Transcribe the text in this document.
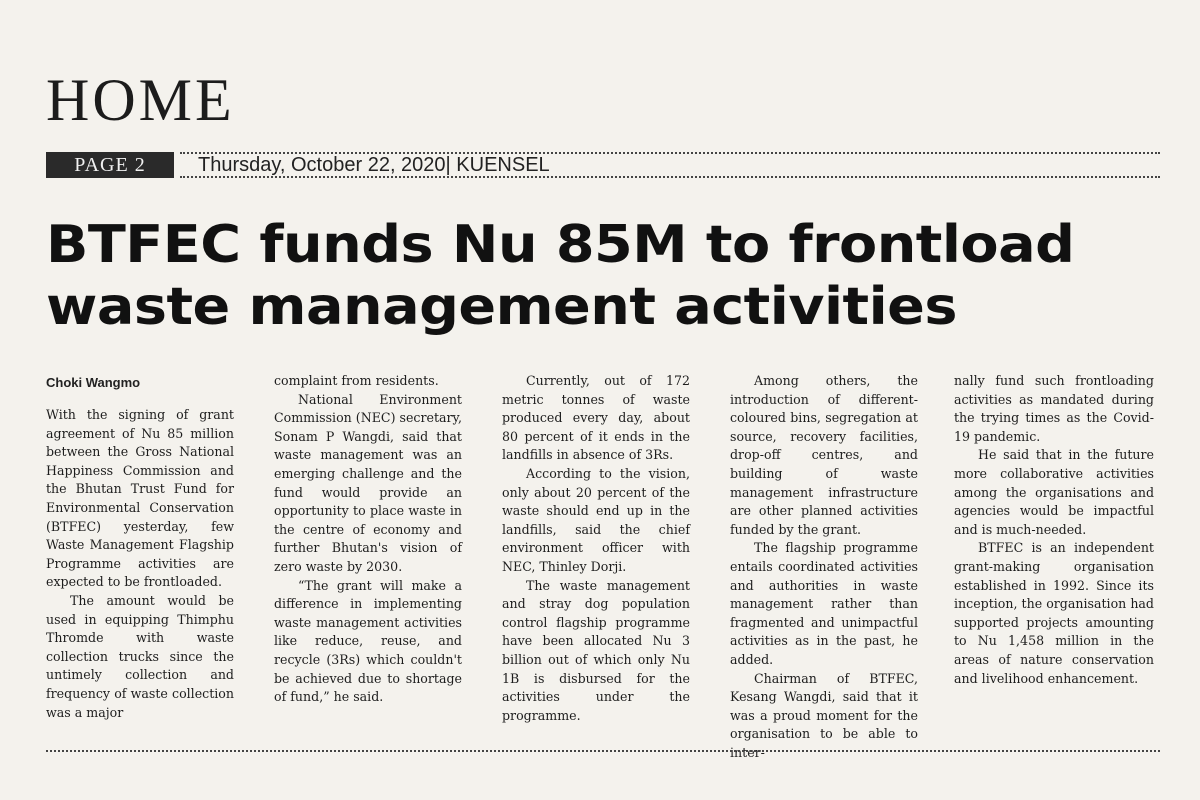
HOME
PAGE 2	Thursday, October 22, 2020| KUENSEL
BTFEC funds Nu 85M to frontload
waste management activities
Choki Wangmo

With the signing of grant agreement of Nu 85 million between the Gross National Happiness Commission and the Bhutan Trust Fund for Environmental Conservation (BTFEC) yesterday, few Waste Management Flagship Programme activities are expected to be frontloaded.

The amount would be used in equipping Thimphu Thromde with waste collection trucks since the untimely collection and frequency of waste collection was a major

complaint from residents.

National Environment Commission (NEC) secretary, Sonam P Wangdi, said that waste management was an emerging challenge and the fund would provide an opportunity to place waste in the centre of economy and further Bhutan's vision of zero waste by 2030.

“The grant will make a difference in implementing waste management activities like reduce, reuse, and recycle (3Rs) which couldn't be achieved due to shortage of fund,” he said.

Currently, out of 172 metric tonnes of waste produced every day, about 80 percent of it ends in the landfills in absence of 3Rs.

According to the vision, only about 20 percent of the waste should end up in the landfills, said the chief environment officer with NEC, Thinley Dorji.

The waste management and stray dog population control flagship programme have been allocated Nu 3 billion out of which only Nu 1B is disbursed for the activities under the programme.

Among others, the introduction of different-coloured bins, segregation at source, recovery facilities, drop-off centres, and building of waste management infrastructure are other planned activities funded by the grant.

The flagship programme entails coordinated activities and authorities in waste management rather than fragmented and unimpactful activities as in the past, he added.

Chairman of BTFEC, Kesang Wangdi, said that it was a proud moment for the organisation to be able to inter-

nally fund such frontloading activities as mandated during the trying times as the Covid-19 pandemic.

He said that in the future more collaborative activities among the organisations and agencies would be impactful and is much-needed.

BTFEC is an independent grant-making organisation established in 1992. Since its inception, the organisation had supported projects amounting to Nu 1,458 million in the areas of nature conservation and livelihood enhancement.
